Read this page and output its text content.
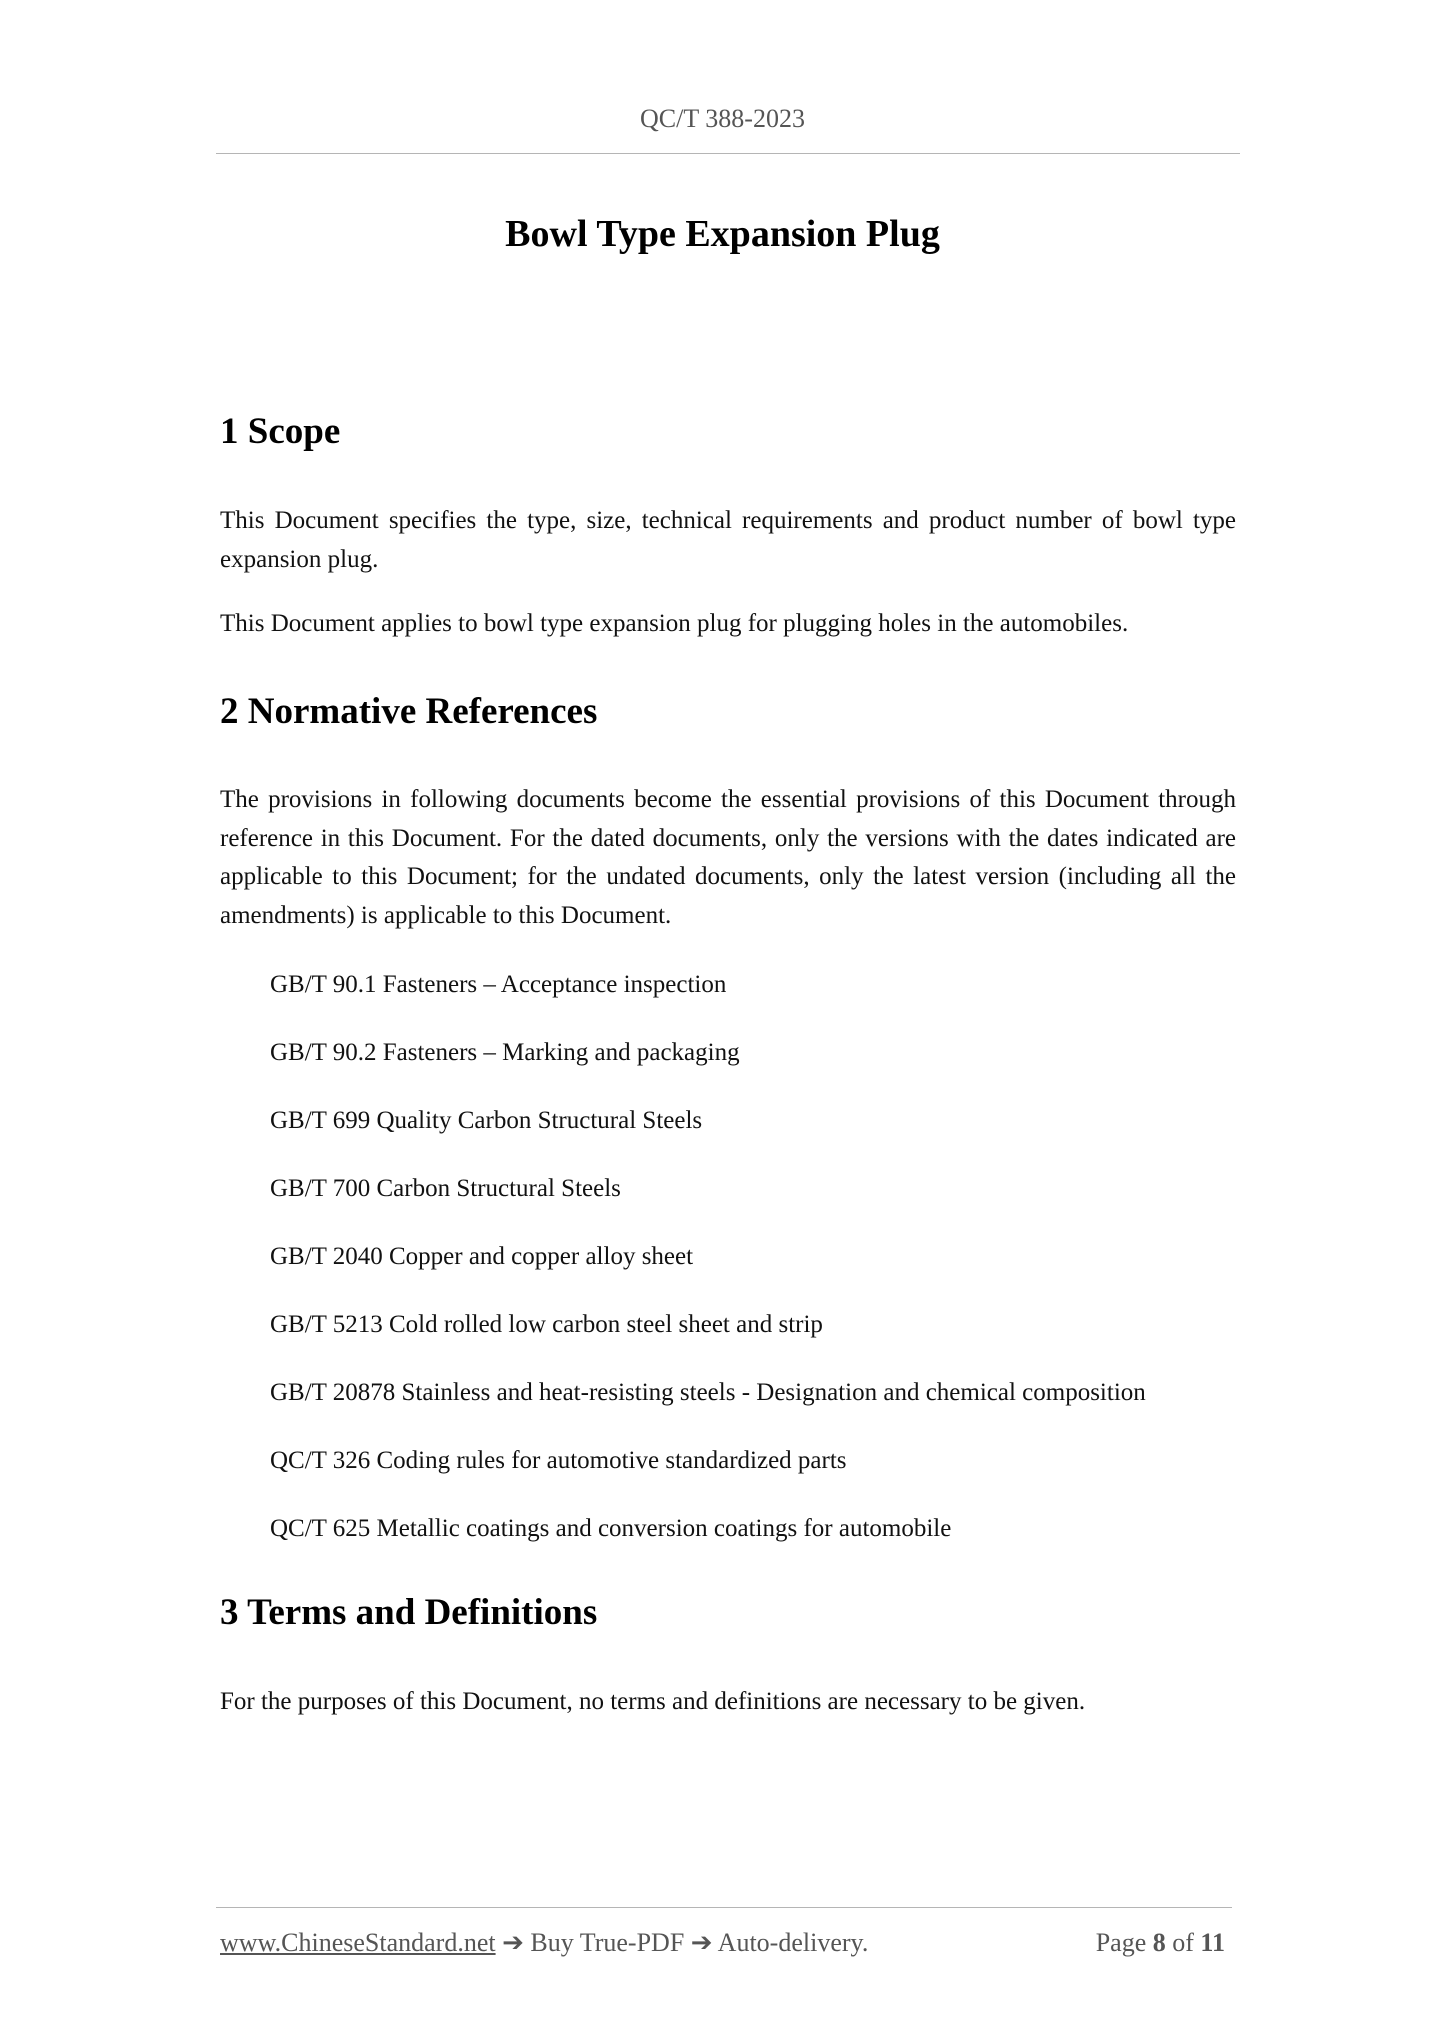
QC/T 388-2023
Bowl Type Expansion Plug
1 Scope

This Document specifies the type, size, technical requirements and product number of bowl type expansion plug.

This Document applies to bowl type expansion plug for plugging holes in the automobiles.

2 Normative References

The provisions in following documents become the essential provisions of this Document through reference in this Document. For the dated documents, only the versions with the dates indicated are applicable to this Document; for the undated documents, only the latest version (including all the amendments) is applicable to this Document.

GB/T 90.1 Fasteners – Acceptance inspection

GB/T 90.2 Fasteners – Marking and packaging

GB/T 699 Quality Carbon Structural Steels

GB/T 700 Carbon Structural Steels

GB/T 2040 Copper and copper alloy sheet

GB/T 5213 Cold rolled low carbon steel sheet and strip

GB/T 20878 Stainless and heat-resisting steels - Designation and chemical composition

QC/T 326 Coding rules for automotive standardized parts

QC/T 625 Metallic coatings and conversion coatings for automobile

3 Terms and Definitions

For the purposes of this Document, no terms and definitions are necessary to be given.

www.ChineseStandard.net ➔ Buy True-PDF ➔ Auto-delivery.	Page 8 of 11
